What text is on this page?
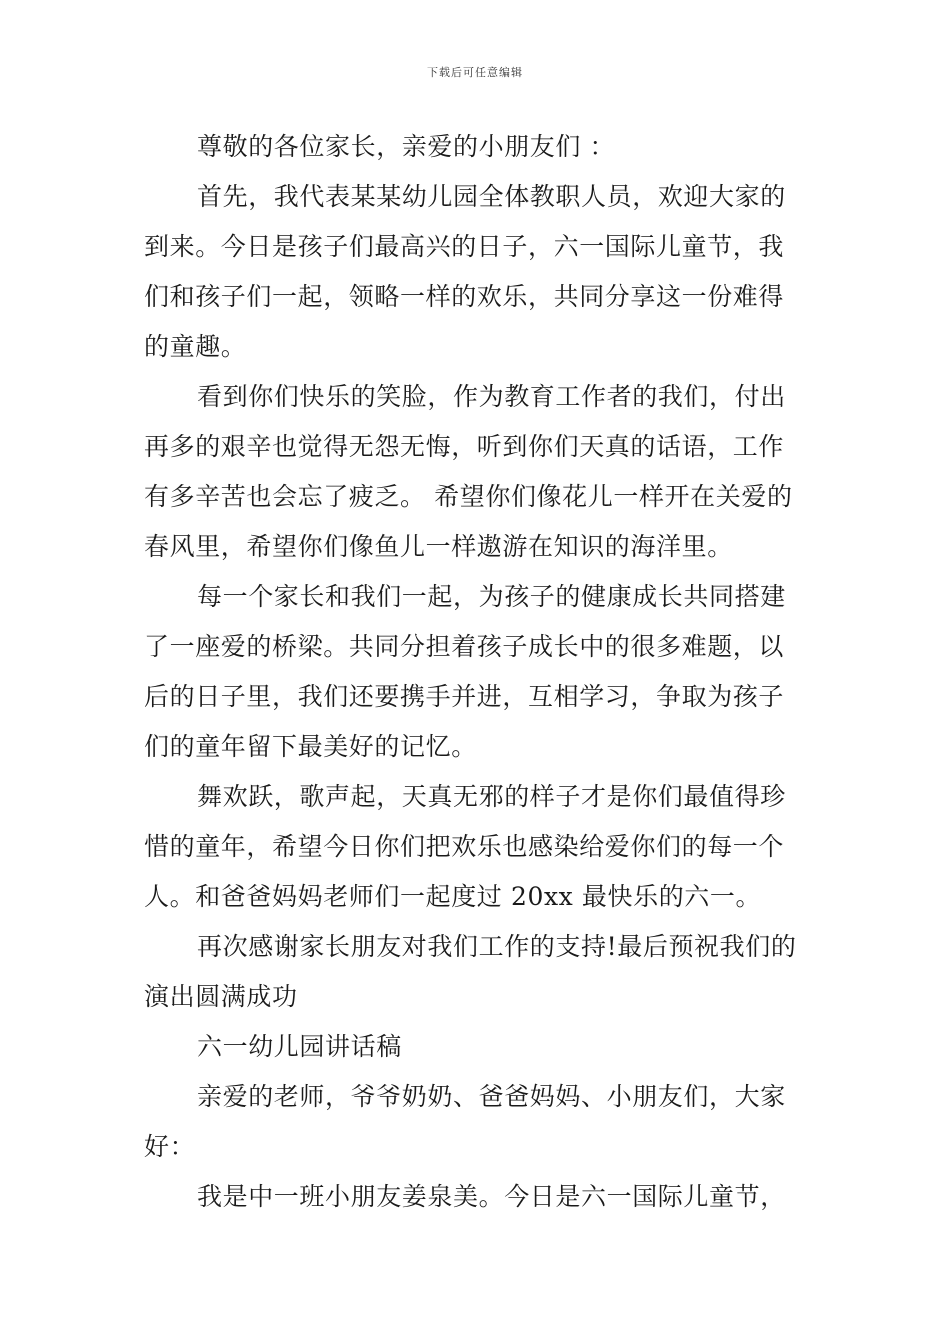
下载后可任意编辑
尊敬的各位家长，亲爱的小朋友们 ：
首先，我代表某某幼儿园全体教职人员，欢迎大家的
到来。今日是孩子们最高兴的日子，六一国际儿童节，我
们和孩子们一起，领略一样的欢乐，共同分享这一份难得
的童趣。
看到你们快乐的笑脸，作为教育工作者的我们，付出
再多的艰辛也觉得无怨无悔，听到你们天真的话语，工作
有多辛苦也会忘了疲乏。 希望你们像花儿一样开在关爱的
春风里，希望你们像鱼儿一样遨游在知识的海洋里。
每一个家长和我们一起，为孩子的健康成长共同搭建
了一座爱的桥梁。共同分担着孩子成长中的很多难题，以
后的日子里，我们还要携手并进，互相学习，争取为孩子
们的童年留下最美好的记忆。
舞欢跃，歌声起，天真无邪的样子才是你们最值得珍
惜的童年，希望今日你们把欢乐也感染给爱你们的每一个
人。和爸爸妈妈老师们一起度过 20xx 最快乐的六一。
再次感谢家长朋友对我们工作的支持!最后预祝我们的
演出圆满成功
六一幼儿园讲话稿
亲爱的老师，爷爷奶奶、爸爸妈妈、小朋友们，大家
好：
我是中一班小朋友姜泉美。今日是六一国际儿童节，
